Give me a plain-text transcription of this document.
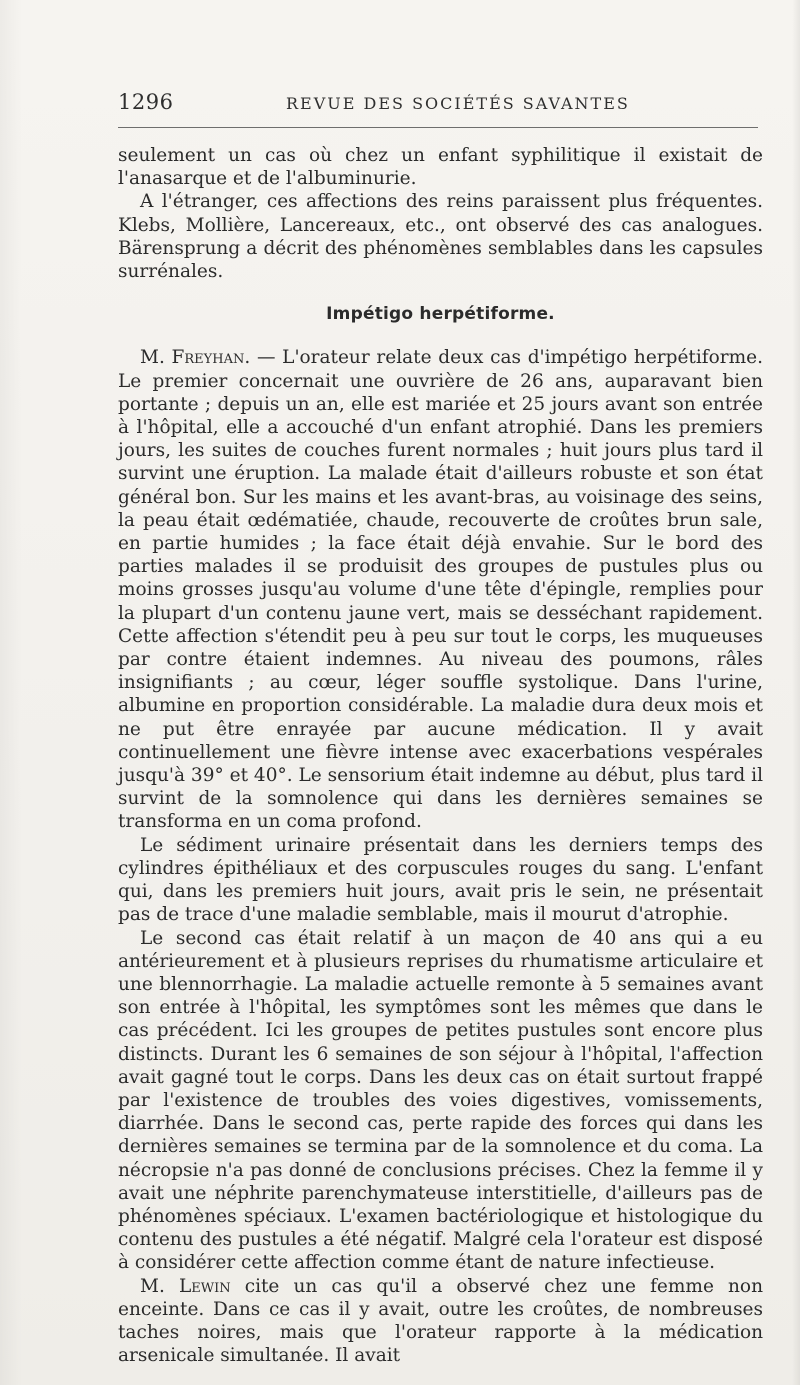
1296	REVUE DES SOCIÉTÉS SAVANTES

seulement un cas où chez un enfant syphilitique il existait de l'anasarque et de l'albuminurie.

A l'étranger, ces affections des reins paraissent plus fréquentes. Klebs, Mollière, Lancereaux, etc., ont observé des cas analogues. Bärensprung a décrit des phénomènes semblables dans les capsules surrénales.

Impétigo herpétiforme.

M. Freyhan. — L'orateur relate deux cas d'impétigo herpétiforme. Le premier concernait une ouvrière de 26 ans, auparavant bien portante ; depuis un an, elle est mariée et 25 jours avant son entrée à l'hôpital, elle a accouché d'un enfant atrophié. Dans les premiers jours, les suites de couches furent normales ; huit jours plus tard il survint une éruption. La malade était d'ailleurs robuste et son état général bon. Sur les mains et les avant-bras, au voisinage des seins, la peau était œdématiée, chaude, recouverte de croûtes brun sale, en partie humides ; la face était déjà envahie. Sur le bord des parties malades il se produisit des groupes de pustules plus ou moins grosses jusqu'au volume d'une tête d'épingle, remplies pour la plupart d'un contenu jaune vert, mais se desséchant rapidement. Cette affection s'étendit peu à peu sur tout le corps, les muqueuses par contre étaient indemnes. Au niveau des poumons, râles insignifiants ; au cœur, léger souffle systolique. Dans l'urine, albumine en proportion considérable. La maladie dura deux mois et ne put être enrayée par aucune médication. Il y avait continuellement une fièvre intense avec exacerbations vespérales jusqu'à 39° et 40°. Le sensorium était indemne au début, plus tard il survint de la somnolence qui dans les dernières semaines se transforma en un coma profond.

Le sédiment urinaire présentait dans les derniers temps des cylindres épithéliaux et des corpuscules rouges du sang. L'enfant qui, dans les premiers huit jours, avait pris le sein, ne présentait pas de trace d'une maladie semblable, mais il mourut d'atrophie.

Le second cas était relatif à un maçon de 40 ans qui a eu antérieurement et à plusieurs reprises du rhumatisme articulaire et une blennorrhagie. La maladie actuelle remonte à 5 semaines avant son entrée à l'hôpital, les symptômes sont les mêmes que dans le cas précédent. Ici les groupes de petites pustules sont encore plus distincts. Durant les 6 semaines de son séjour à l'hôpital, l'affection avait gagné tout le corps. Dans les deux cas on était surtout frappé par l'existence de troubles des voies digestives, vomissements, diarrhée. Dans le second cas, perte rapide des forces qui dans les dernières semaines se termina par de la somnolence et du coma. La nécropsie n'a pas donné de conclusions précises. Chez la femme il y avait une néphrite parenchymateuse interstitielle, d'ailleurs pas de phénomènes spéciaux. L'examen bactériologique et histologique du contenu des pustules a été négatif. Malgré cela l'orateur est disposé à considérer cette affection comme étant de nature infectieuse.

M. Lewin cite un cas qu'il a observé chez une femme non enceinte. Dans ce cas il y avait, outre les croûtes, de nombreuses taches noires, mais que l'orateur rapporte à la médication arsenicale simultanée. Il avait
